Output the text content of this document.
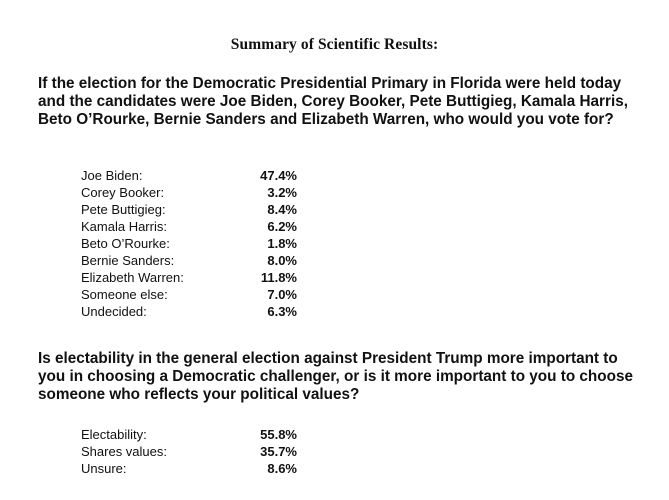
Summary of Scientific Results:

If the election for the Democratic Presidential Primary in Florida were held today and the candidates were Joe Biden, Corey Booker, Pete Buttigieg, Kamala Harris, Beto O’Rourke, Bernie Sanders and Elizabeth Warren, who would you vote for?

Joe Biden:	47.4%
Corey Booker:	3.2%
Pete Buttigieg:	8.4%
Kamala Harris:	6.2%
Beto O’Rourke:	1.8%
Bernie Sanders:	8.0%
Elizabeth Warren:	11.8%
Someone else:	7.0%
Undecided:	6.3%

Is electability in the general election against President Trump more important to you in choosing a Democratic challenger, or is it more important to you to choose someone who reflects your political values?

Electability:	55.8%
Shares values:	35.7%
Unsure:	8.6%
